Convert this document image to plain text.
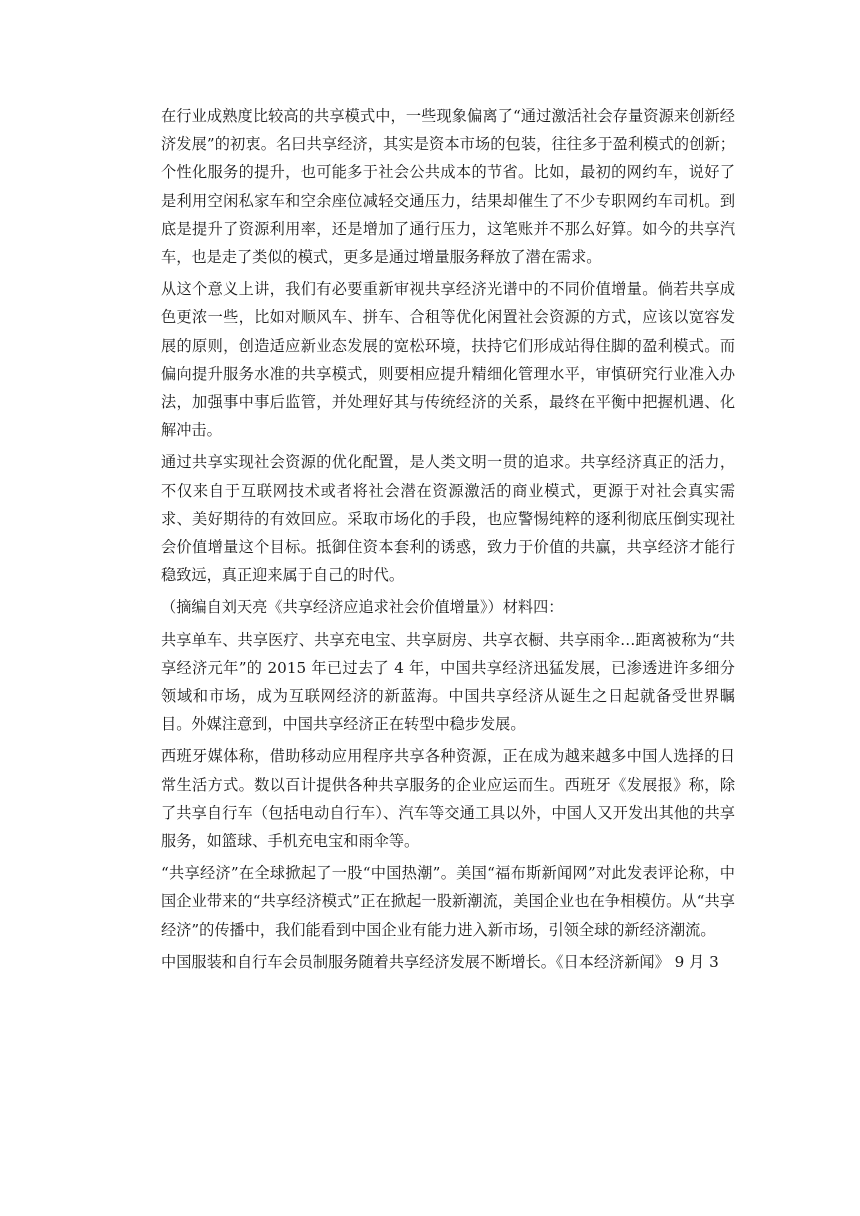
在行业成熟度比较高的共享模式中，一些现象偏离了“通过激活社会存量资源来创新经济发展”的初衷。名曰共享经济，其实是资本市场的包装，往往多于盈利模式的创新；个性化服务的提升，也可能多于社会公共成本的节省。比如，最初的网约车，说好了是利用空闲私家车和空余座位减轻交通压力，结果却催生了不少专职网约车司机。到底是提升了资源利用率，还是增加了通行压力，这笔账并不那么好算。如今的共享汽车，也是走了类似的模式，更多是通过增量服务释放了潜在需求。

从这个意义上讲，我们有必要重新审视共享经济光谱中的不同价值增量。倘若共享成色更浓一些，比如对顺风车、拼车、合租等优化闲置社会资源的方式，应该以宽容发展的原则，创造适应新业态发展的宽松环境，扶持它们形成站得住脚的盈利模式。而偏向提升服务水准的共享模式，则要相应提升精细化管理水平，审慎研究行业准入办法，加强事中事后监管，并处理好其与传统经济的关系，最终在平衡中把握机遇、化解冲击。

通过共享实现社会资源的优化配置，是人类文明一贯的追求。共享经济真正的活力，不仅来自于互联网技术或者将社会潜在资源激活的商业模式，更源于对社会真实需求、美好期待的有效回应。采取市场化的手段，也应警惕纯粹的逐利彻底压倒实现社会价值增量这个目标。抵御住资本套利的诱惑，致力于价值的共赢，共享经济才能行稳致远，真正迎来属于自己的时代。

（摘编自刘天亮《共享经济应追求社会价值增量》）材料四：

共享单车、共享医疗、共享充电宝、共享厨房、共享衣橱、共享雨伞…距离被称为“共享经济元年”的 2015 年已过去了 4 年，中国共享经济迅猛发展，已渗透进许多细分领域和市场，成为互联网经济的新蓝海。中国共享经济从诞生之日起就备受世界瞩目。外媒注意到，中国共享经济正在转型中稳步发展。

西班牙媒体称，借助移动应用程序共享各种资源，正在成为越来越多中国人选择的日常生活方式。数以百计提供各种共享服务的企业应运而生。西班牙《发展报》称，除了共享自行车（包括电动自行车）、汽车等交通工具以外，中国人又开发出其他的共享服务，如篮球、手机充电宝和雨伞等。

“共享经济”在全球掀起了一股“中国热潮”。美国“福布斯新闻网”对此发表评论称，中国企业带来的“共享经济模式”正在掀起一股新潮流，美国企业也在争相模仿。从“共享经济”的传播中，我们能看到中国企业有能力进入新市场，引领全球的新经济潮流。

中国服装和自行车会员制服务随着共享经济发展不断增长。《日本经济新闻》 9 月 3
